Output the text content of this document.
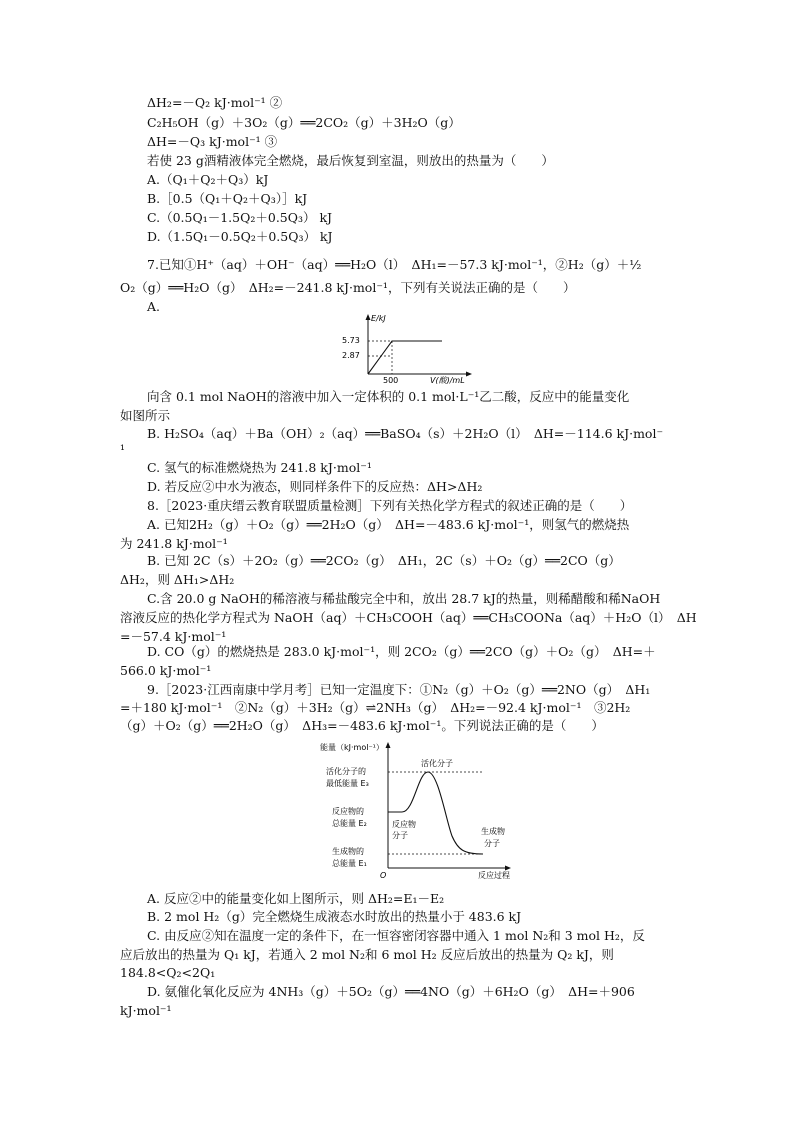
ΔH₂=－Q₂ kJ·mol⁻¹ ②
C₂H₅OH（g）＋3O₂（g）══2CO₂（g）＋3H₂O（g）
ΔH=－Q₃ kJ·mol⁻¹ ③
若使 23 g酒精液体完全燃烧，最后恢复到室温，则放出的热量为（　　）
A.（Q₁＋Q₂＋Q₃）kJ
B.［0.5（Q₁＋Q₂＋Q₃）］kJ
C.（0.5Q₁－1.5Q₂＋0.5Q₃） kJ
D.（1.5Q₁－0.5Q₂＋0.5Q₃） kJ
7.已知①H⁺（aq）＋OH⁻（aq）══H₂O（l）　ΔH₁=－57.3 kJ·mol⁻¹，②H₂（g）＋½
O₂（g）══H₂O（g）　ΔH₂=－241.8 kJ·mol⁻¹，下列有关说法正确的是（　　）
A.
E/kJ
5.73
2.87
500	V(酸)/mL
向含 0.1 mol NaOH的溶液中加入一定体积的 0.1 mol·L⁻¹乙二酸，反应中的能量变化
如图所示
B. H₂SO₄（aq）＋Ba（OH）₂（aq）══BaSO₄（s）＋2H₂O（l）　ΔH=－114.6 kJ·mol⁻
¹
C. 氢气的标准燃烧热为 241.8 kJ·mol⁻¹
D. 若反应②中水为液态，则同样条件下的反应热：ΔH>ΔH₂
8.［2023·重庆缙云教育联盟质量检测］下列有关热化学方程式的叙述正确的是（　　）
A. 已知2H₂（g）＋O₂（g）══2H₂O（g）　ΔH=－483.6 kJ·mol⁻¹，则氢气的燃烧热
为 241.8 kJ·mol⁻¹
B. 已知 2C（s）＋2O₂（g）══2CO₂（g）　ΔH₁，2C（s）＋O₂（g）══2CO（g）
ΔH₂，则 ΔH₁>ΔH₂
C.含 20.0 g NaOH的稀溶液与稀盐酸完全中和，放出 28.7 kJ的热量，则稀醋酸和稀NaOH
溶液反应的热化学方程式为 NaOH（aq）＋CH₃COOH（aq）══CH₃COONa（aq）＋H₂O（l）　ΔH
=－57.4 kJ·mol⁻¹
D. CO（g）的燃烧热是 283.0 kJ·mol⁻¹，则 2CO₂（g）══2CO（g）＋O₂（g）　ΔH=＋
566.0 kJ·mol⁻¹
9.［2023·江西南康中学月考］已知一定温度下：①N₂（g）＋O₂（g）══2NO（g）　ΔH₁
=＋180 kJ·mol⁻¹　②N₂（g）＋3H₂（g）⇌2NH₃（g）　ΔH₂=－92.4 kJ·mol⁻¹　③2H₂
（g）＋O₂（g）══2H₂O（g）　ΔH₃=－483.6 kJ·mol⁻¹。下列说法正确的是（　　）
能量（kJ·mol⁻¹）
O	反应过程
活化分子
活化分子的
最低能量 E₃
反应物的
总能量 E₂
生成物的
总能量 E₁
反应物
分子	生成物
分子
A. 反应②中的能量变化如上图所示，则 ΔH₂=E₁－E₂
B. 2 mol H₂（g）完全燃烧生成液态水时放出的热量小于 483.6 kJ
C. 由反应②知在温度一定的条件下，在一恒容密闭容器中通入 1 mol N₂和 3 mol H₂，反
应后放出的热量为 Q₁ kJ，若通入 2 mol N₂和 6 mol H₂ 反应后放出的热量为 Q₂ kJ，则
184.8<Q₂<2Q₁
D. 氨催化氧化反应为 4NH₃（g）＋5O₂（g）══4NO（g）＋6H₂O（g）　ΔH=＋906
kJ·mol⁻¹
